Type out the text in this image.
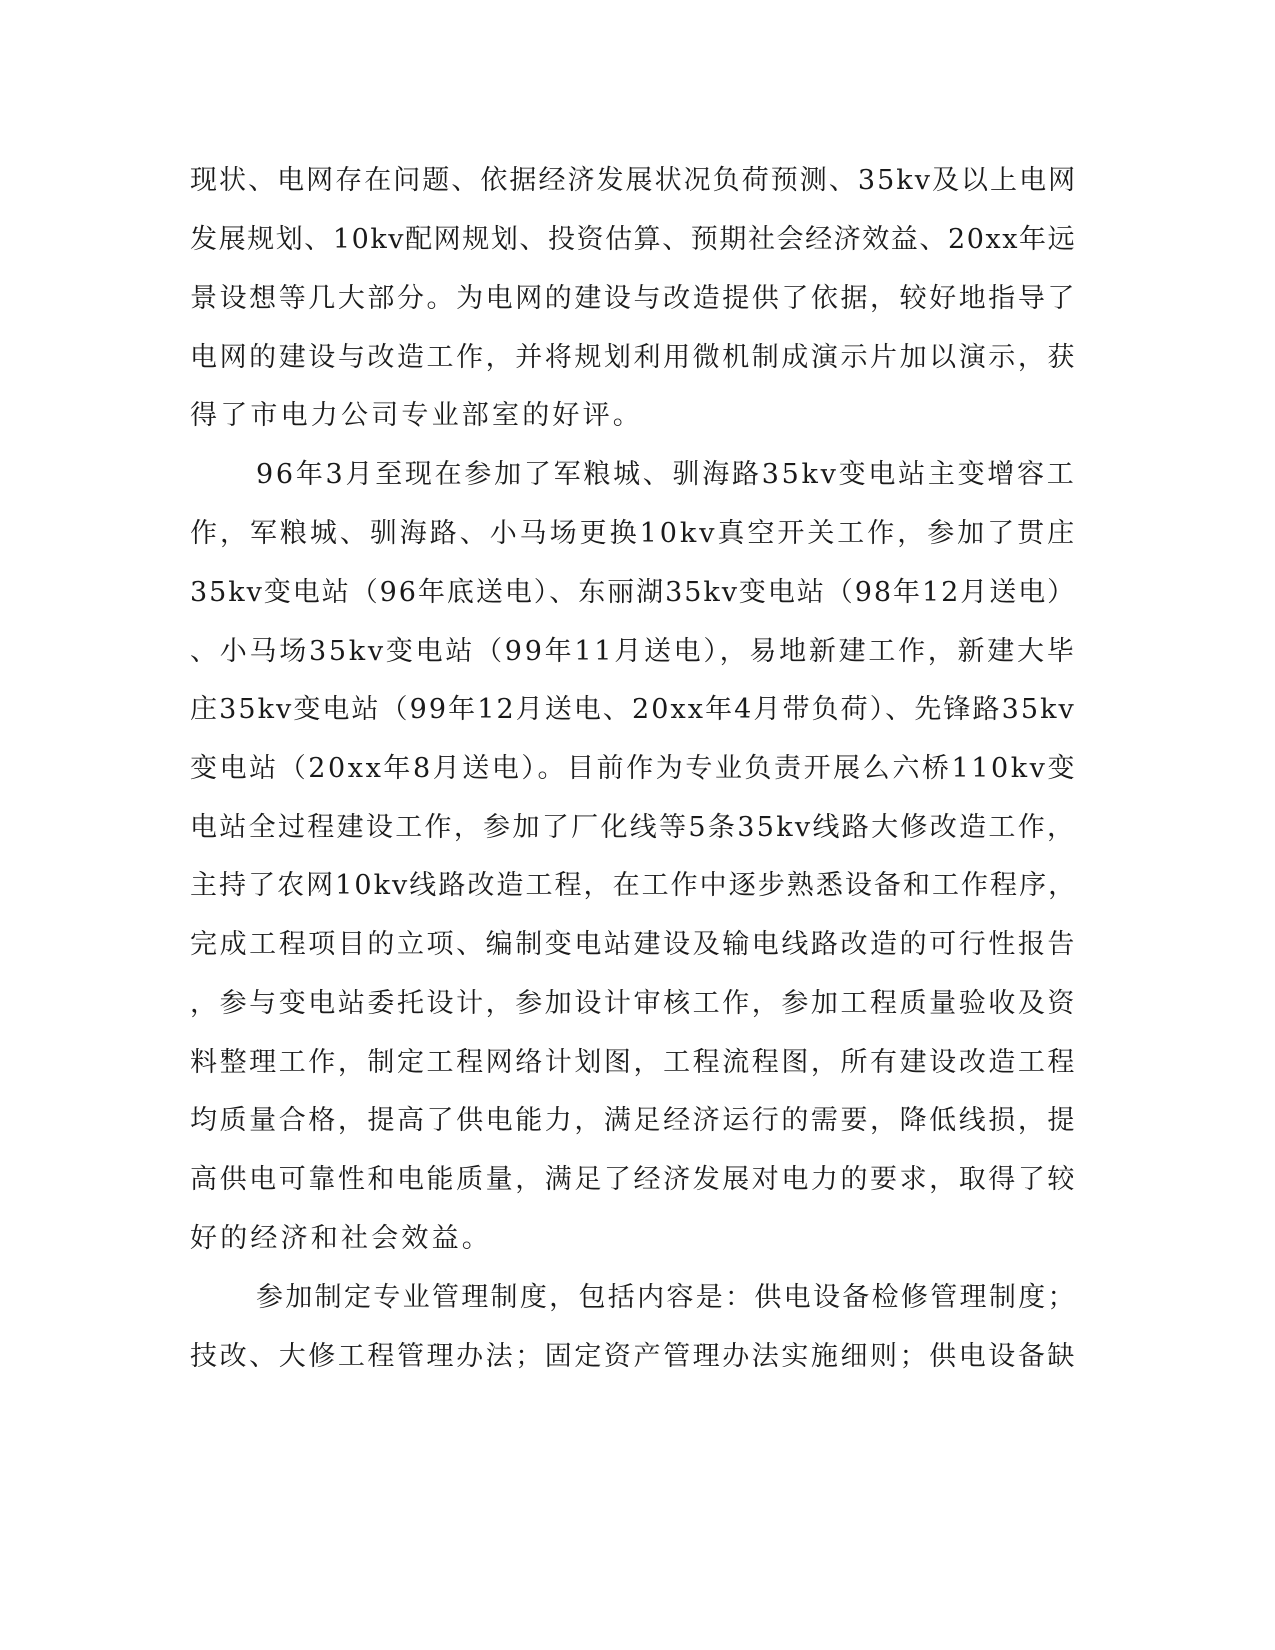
现状、电网存在问题、依据经济发展状况负荷预测、35kv及以上电网
发展规划、10kv配网规划、投资估算、预期社会经济效益、20xx年远
景设想等几大部分。为电网的建设与改造提供了依据，较好地指导了
电网的建设与改造工作，并将规划利用微机制成演示片加以演示，获
得了市电力公司专业部室的好评。
96年3月至现在参加了军粮城、驯海路35kv变电站主变增容工
作，军粮城、驯海路、小马场更换10kv真空开关工作，参加了贯庄
35kv变电站（96年底送电）、东丽湖35kv变电站（98年12月送电）
、小马场35kv变电站（99年11月送电），易地新建工作，新建大毕
庄35kv变电站（99年12月送电、20xx年4月带负荷）、先锋路35kv
变电站（20xx年8月送电）。目前作为专业负责开展么六桥110kv变
电站全过程建设工作，参加了厂化线等5条35kv线路大修改造工作，
主持了农网10kv线路改造工程，在工作中逐步熟悉设备和工作程序，
完成工程项目的立项、编制变电站建设及输电线路改造的可行性报告
，参与变电站委托设计，参加设计审核工作，参加工程质量验收及资
料整理工作，制定工程网络计划图，工程流程图，所有建设改造工程
均质量合格，提高了供电能力，满足经济运行的需要，降低线损，提
高供电可靠性和电能质量，满足了经济发展对电力的要求，取得了较
好的经济和社会效益。
参加制定专业管理制度，包括内容是：供电设备检修管理制度；
技改、大修工程管理办法；固定资产管理办法实施细则；供电设备缺
